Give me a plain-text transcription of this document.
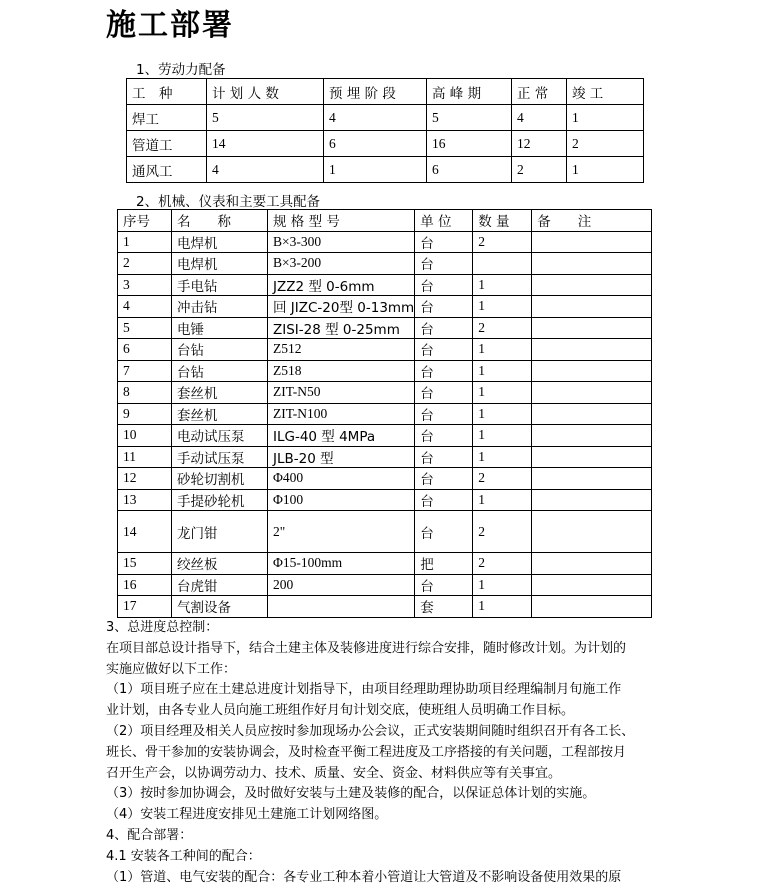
施工部署
1、劳动力配备
工　种	计 划 人 数	预 埋 阶 段	高 峰 期	正 常	竣 工
焊工	5	4	5	4	1
管道工	14	6	16	12	2
通风工	4	1	6	2	1
2、机械、仪表和主要工具配备
序号	名　　称	规 格 型 号	单 位	数 量	备　　注
1	电焊机	B×3-300	台	2	
2	电焊机	B×3-200	台		
3	手电钻	JZZ2 型 0-6mm	台	1	
4	冲击钻	回 JIZC-20型 0-13mm	台	1	
5	电锤	ZISI-28 型 0-25mm	台	2	
6	台钻	Z512	台	1	
7	台钻	Z518	台	1	
8	套丝机	ZIT-N50	台	1	
9	套丝机	ZIT-N100	台	1	
10	电动试压泵	ILG-40 型 4MPa	台	1	
11	手动试压泵	JLB-20 型	台	1	
12	砂轮切割机	Φ400	台	2	
13	手提砂轮机	Φ100	台	1	
14	龙门钳	2"	台	2	
15	绞丝板	Φ15-100mm	把	2	
16	台虎钳	200	台	1	
17	气割设备		套	1	

3、总进度总控制：

在项目部总设计指导下，结合土建主体及装修进度进行综合安排，随时修改计划。为计划的

实施应做好以下工作：

（1）项目班子应在土建总进度计划指导下，由项目经理助理协助项目经理编制月旬施工作

业计划，由各专业人员向施工班组作好月旬计划交底，使班组人员明确工作目标。

（2）项目经理及相关人员应按时参加现场办公会议，正式安装期间随时组织召开有各工长、

班长、骨干参加的安装协调会，及时检查平衡工程进度及工序搭接的有关问题，工程部按月

召开生产会，以协调劳动力、技术、质量、安全、资金、材料供应等有关事宜。

（3）按时参加协调会，及时做好安装与土建及装修的配合，以保证总体计划的实施。

（4）安装工程进度安排见土建施工计划网络图。

4、配合部署：

4.1 安装各工种间的配合：

（1）管道、电气安装的配合：各专业工种本着小管道让大管道及不影响设备使用效果的原
